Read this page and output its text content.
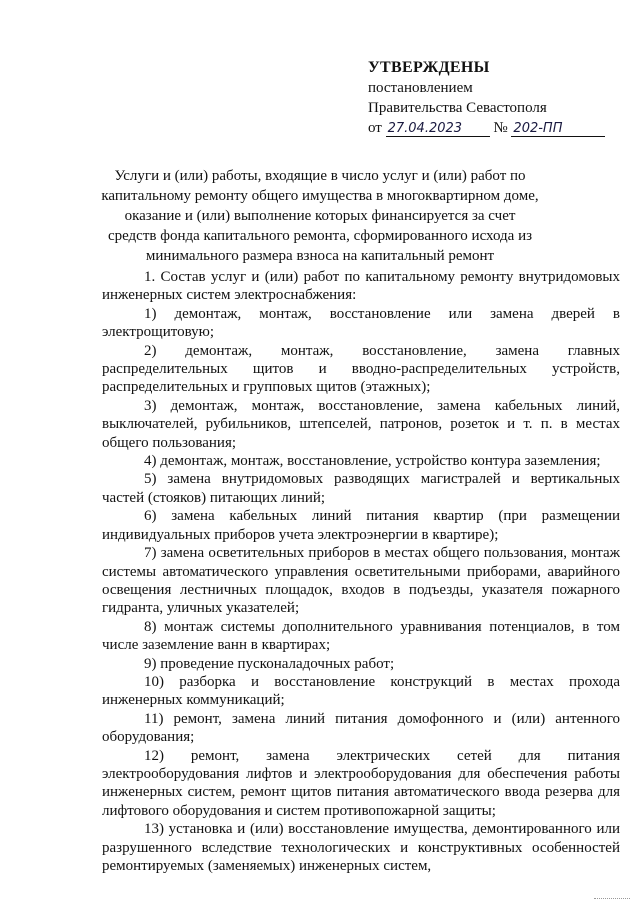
УТВЕРЖДЕНЫ
постановлением
Правительства Севастополя
от 27.04.2023 № 202-ПП
Услуги и (или) работы, входящие в число услуг и (или) работ по капитальному ремонту общего имущества в многоквартирном доме, оказание и (или) выполнение которых финансируется за счет средств фонда капитального ремонта, сформированного исхода из минимального размера взноса на капитальный ремонт

1. Состав услуг и (или) работ по капитальному ремонту внутридомовых инженерных систем электроснабжения:

1) демонтаж, монтаж, восстановление или замена дверей в электрощитовую;

2) демонтаж, монтаж, восстановление, замена главных распределительных щитов и вводно-распределительных устройств, распределительных и групповых щитов (этажных);

3) демонтаж, монтаж, восстановление, замена кабельных линий, выключателей, рубильников, штепселей, патронов, розеток и т. п. в местах общего пользования;

4) демонтаж, монтаж, восстановление, устройство контура заземления;

5) замена внутридомовых разводящих магистралей и вертикальных частей (стояков) питающих линий;

6) замена кабельных линий питания квартир (при размещении индивидуальных приборов учета электроэнергии в квартире);

7) замена осветительных приборов в местах общего пользования, монтаж системы автоматического управления осветительными приборами, аварийного освещения лестничных площадок, входов в подъезды, указателя пожарного гидранта, уличных указателей;

8) монтаж системы дополнительного уравнивания потенциалов, в том числе заземление ванн в квартирах;

9) проведение пусконаладочных работ;

10) разборка и восстановление конструкций в местах прохода инженерных коммуникаций;

11) ремонт, замена линий питания домофонного и (или) антенного оборудования;

12) ремонт, замена электрических сетей для питания электрооборудования лифтов и электрооборудования для обеспечения работы инженерных систем, ремонт щитов питания автоматического ввода резерва для лифтового оборудования и систем противопожарной защиты;

13) установка и (или) восстановление имущества, демонтированного или разрушенного вследствие технологических и конструктивных особенностей ремонтируемых (заменяемых) инженерных систем,
